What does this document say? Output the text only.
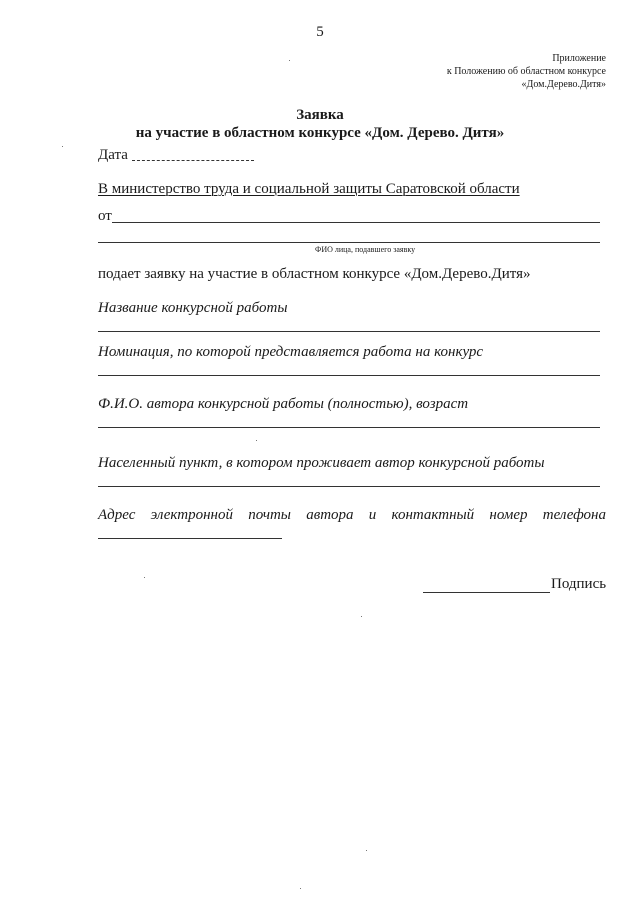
5
Приложение
к Положению об областном конкурсе
«Дом.Дерево.Дитя»
Заявка
на участие в областном конкурсе «Дом. Дерево. Дитя»
Дата
В министерство труда и социальной защиты Саратовской области
от
ФИО лица, подавшего заявку
подает заявку на участие в областном конкурсе «Дом.Дерево.Дитя»
Название конкурсной работы
Номинация, по которой представляется работа на конкурс
Ф.И.О. автора конкурсной работы (полностью), возраст
Населенный пункт, в котором проживает автор конкурсной работы
Адрес электронной почты автора и контактный номер телефона
Подпись
